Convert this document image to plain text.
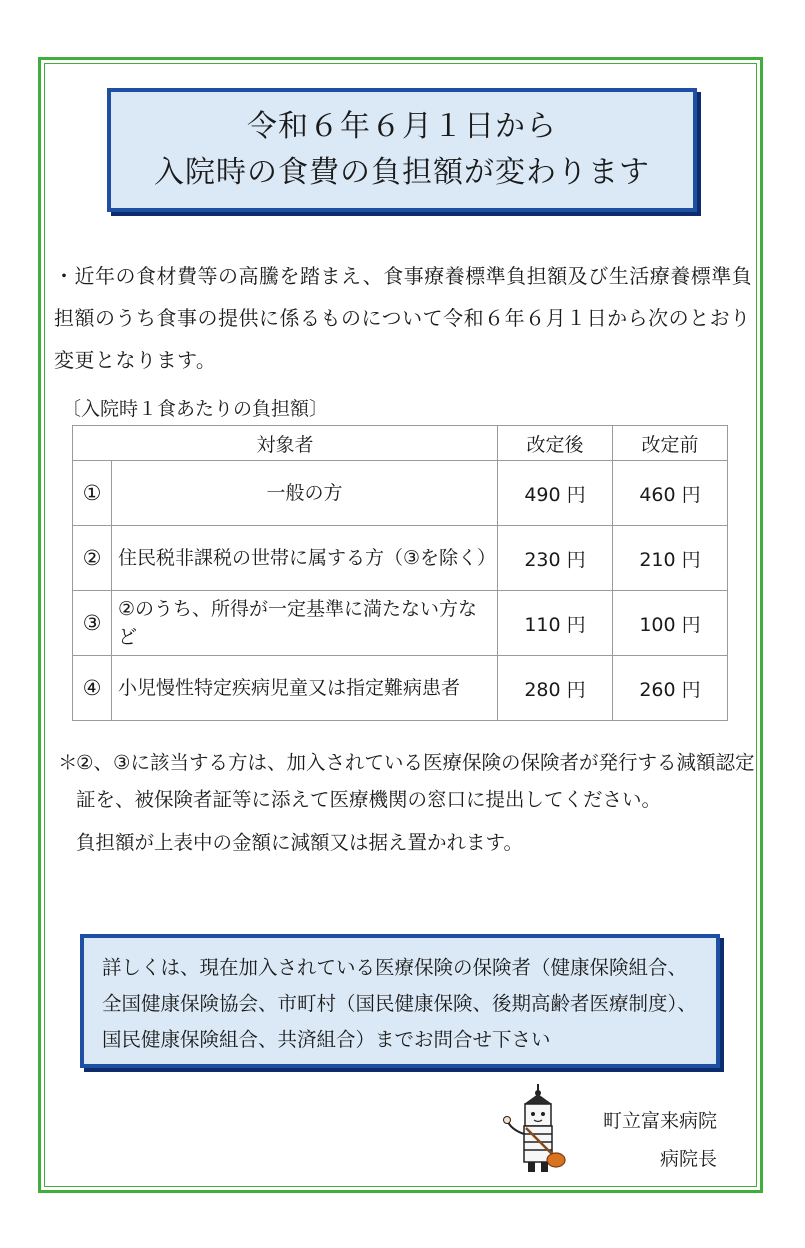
令和６年６月１日から
入院時の食費の負担額が変わります
・近年の食材費等の高騰を踏まえ、食事療養標準負担額及び生活療養標準負担額のうち食事の提供に係るものについて令和６年６月１日から次のとおり変更となります。
〔入院時１食あたりの負担額〕
対象者		改定後	改定前
①	一般の方	490 円	460 円
②	住民税非課税の世帯に属する方（③を除く）	230 円	210 円
③	②のうち、所得が一定基準に満たない方など	110 円	100 円
④	小児慢性特定疾病児童又は指定難病患者	280 円	260 円
＊
②、③に該当する方は、加入されている医療保険の保険者が発行する減額認定証を、被保険者証等に添えて医療機関の窓口に提出してください。
負担額が上表中の金額に減額又は据え置かれます。
詳しくは、現在加入されている医療保険の保険者（健康保険組合、全国健康保険協会、市町村（国民健康保険、後期高齢者医療制度）、国民健康保険組合、共済組合）までお問合せ下さい
町立富来病院
病院長
